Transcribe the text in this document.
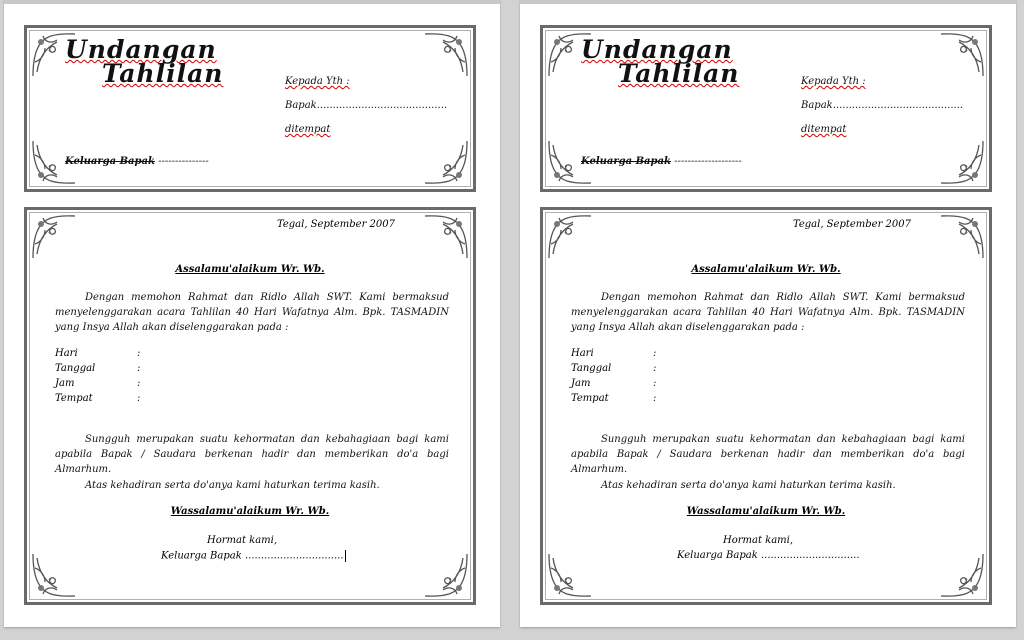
Undangan
Tahlilan	Kepada Yth :
Bapak.........................................
ditempat
Keluarga Bapak ---------------
Tegal, September 2007
Assalamu'alaikum Wr. Wb.
Dengan memohon Rahmat dan Ridlo Allah SWT. Kami bermaksud menyelenggarakan acara Tahlilan 40 Hari Wafatnya Alm. Bpk. TASMADIN yang Insya Allah akan diselenggarakan pada :
Hari	:
Tanggal	:
Jam	:
Tempat	:
Sungguh merupakan suatu kehormatan dan kebahagiaan bagi kami apabila Bapak / Saudara berkenan hadir dan memberikan do'a bagi Almarhum.
Atas kehadiran serta do'anya kami haturkan terima kasih.
Wassalamu'alaikum Wr. Wb.
Hormat kami,
Keluarga Bapak ...............................
Undangan
Tahlilan	Kepada Yth :
Bapak.........................................
ditempat
Keluarga Bapak --------------------
Tegal, September 2007
Assalamu'alaikum Wr. Wb.
Dengan memohon Rahmat dan Ridlo Allah SWT. Kami bermaksud menyelenggarakan acara Tahlilan 40 Hari Wafatnya Alm. Bpk. TASMADIN yang Insya Allah akan diselenggarakan pada :
Hari	:
Tanggal	:
Jam	:
Tempat	:
Sungguh merupakan suatu kehormatan dan kebahagiaan bagi kami apabila Bapak / Saudara berkenan hadir dan memberikan do'a bagi Almarhum.
Atas kehadiran serta do'anya kami haturkan terima kasih.
Wassalamu'alaikum Wr. Wb.
Hormat kami,
Keluarga Bapak ...............................
